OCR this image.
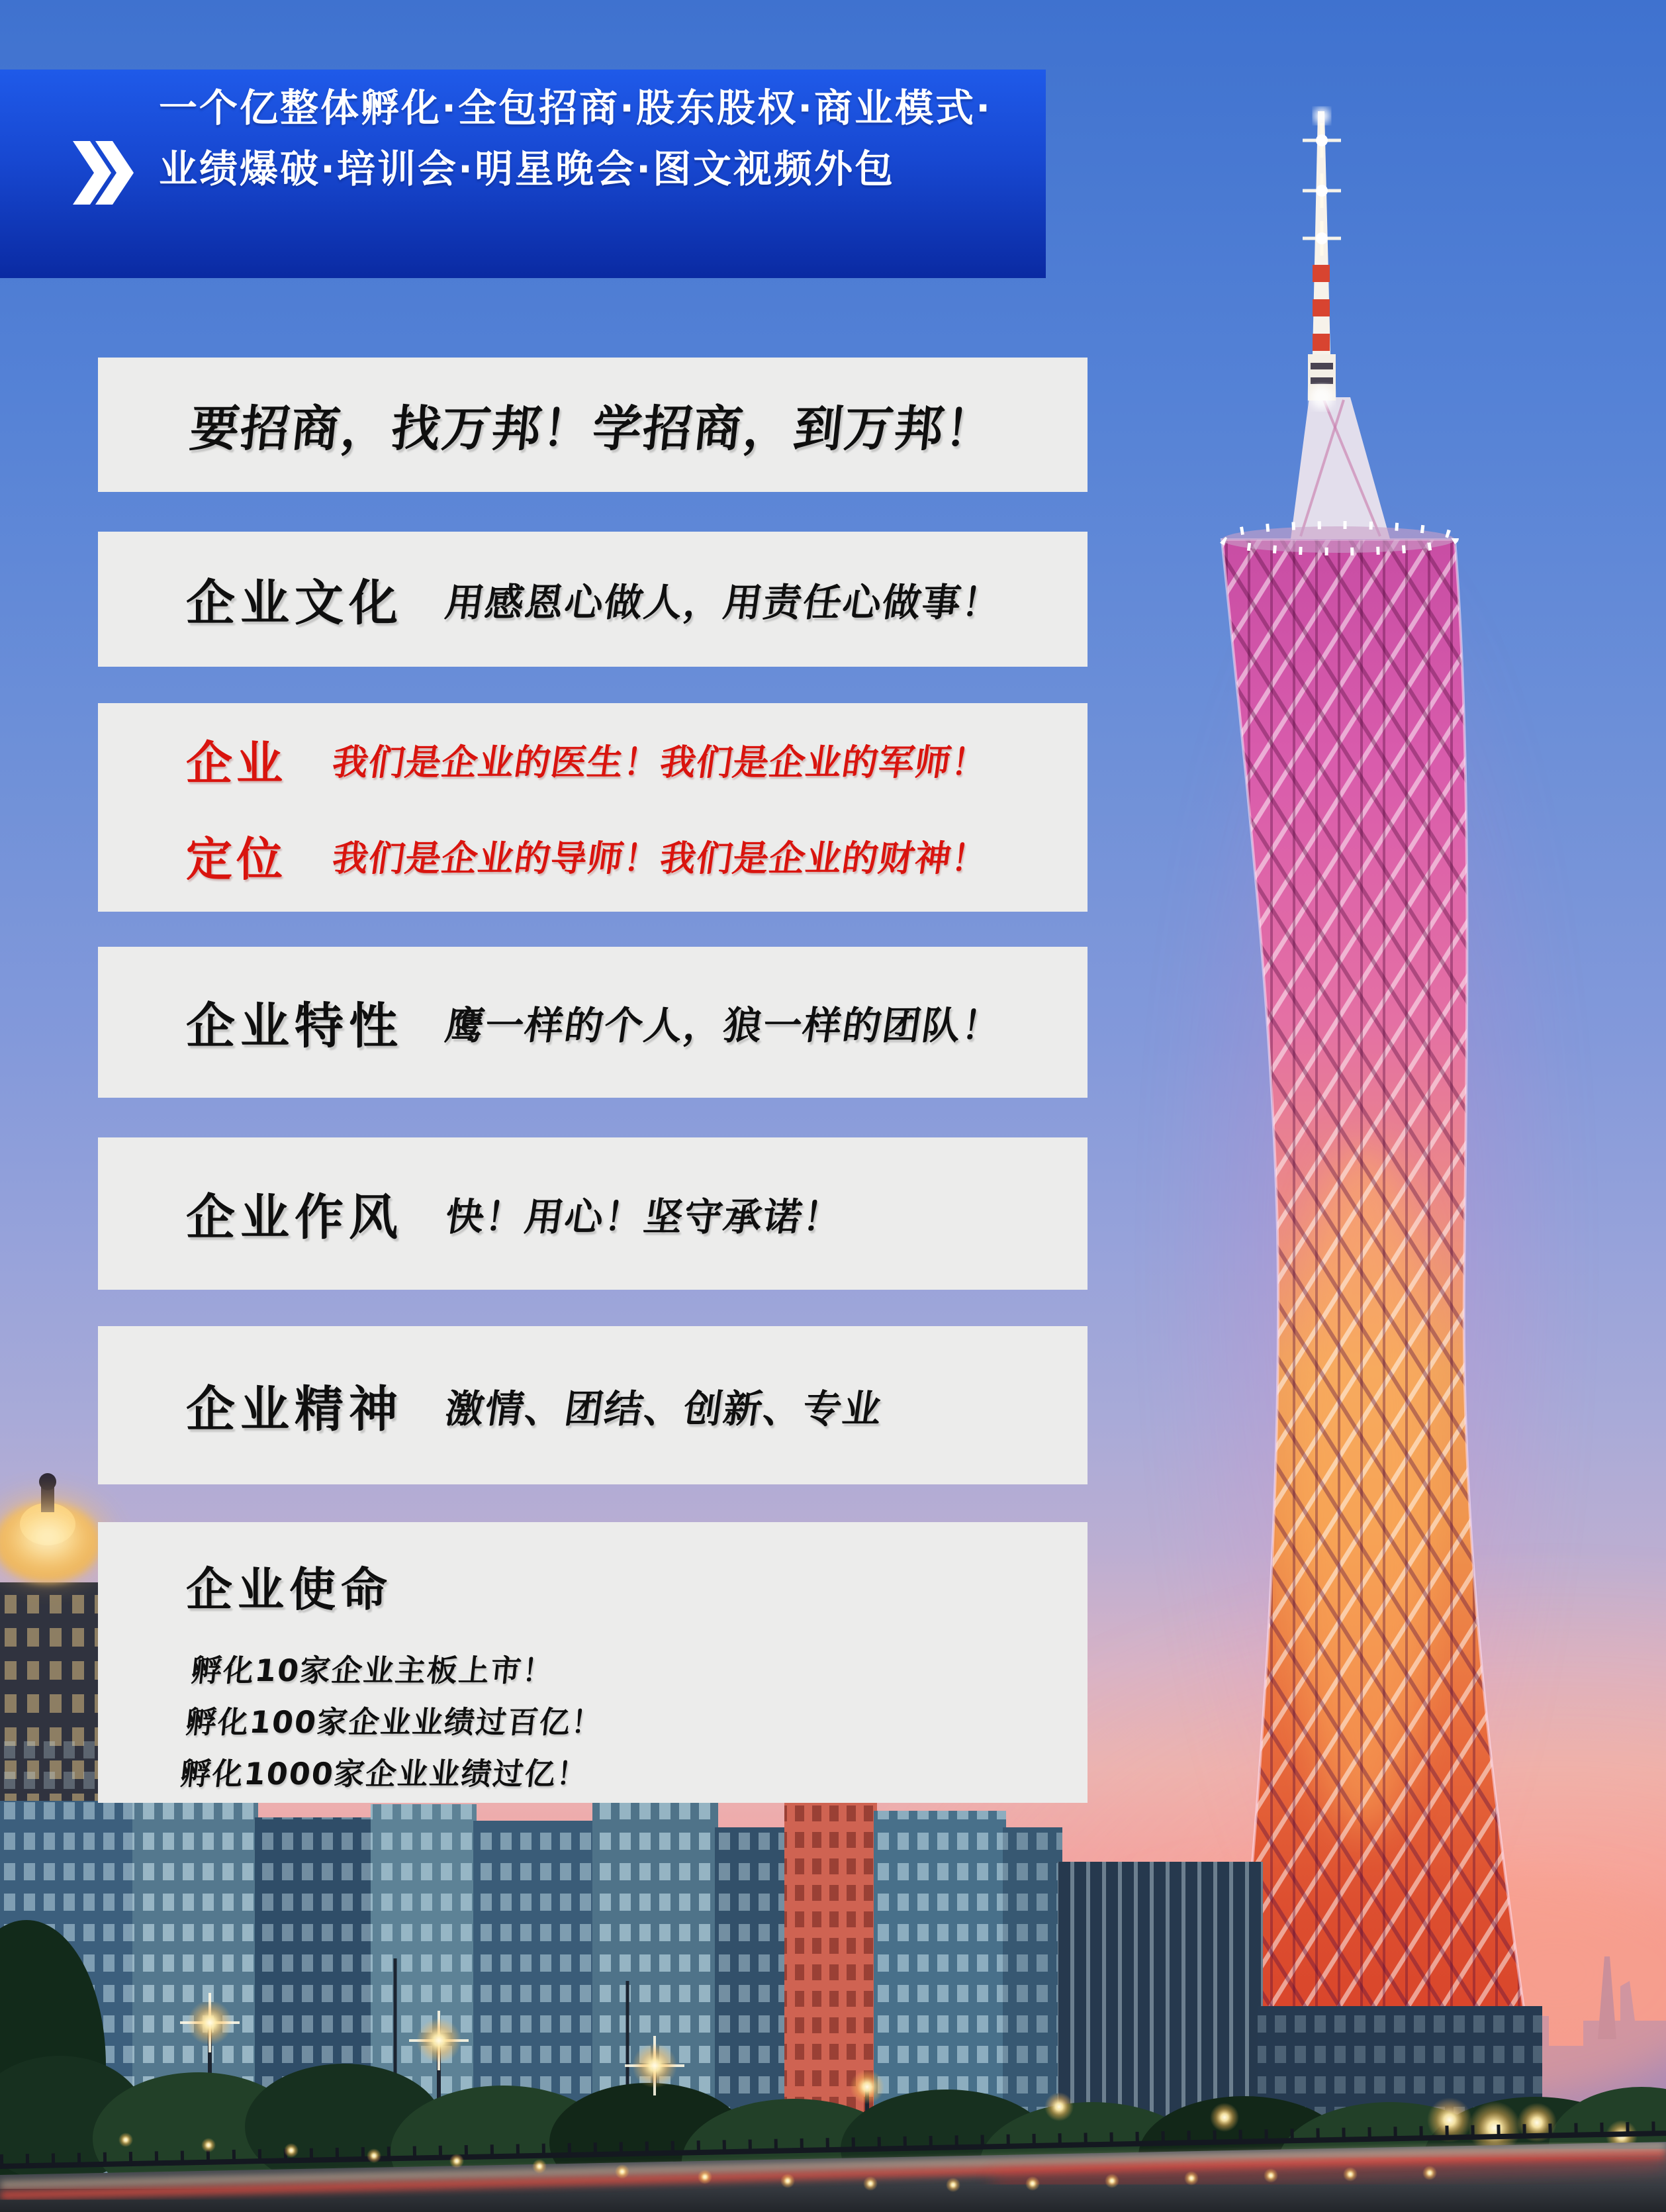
一个亿整体孵化·全包招商·股东股权·商业模式·
业绩爆破·培训会·明星晚会·图文视频外包
要招商，找万邦！学招商，到万邦！
企业文化	用感恩心做人，用责任心做事！
企业	我们是企业的医生！我们是企业的军师！
定位	我们是企业的导师！我们是企业的财神！
企业特性	鹰一样的个人，狼一样的团队！
企业作风	快！用心！坚守承诺！
企业精神	激情、团结、创新、专业
企业使命
孵化10家企业主板上市！
孵化100家企业业绩过百亿！
孵化1000家企业业绩过亿！
